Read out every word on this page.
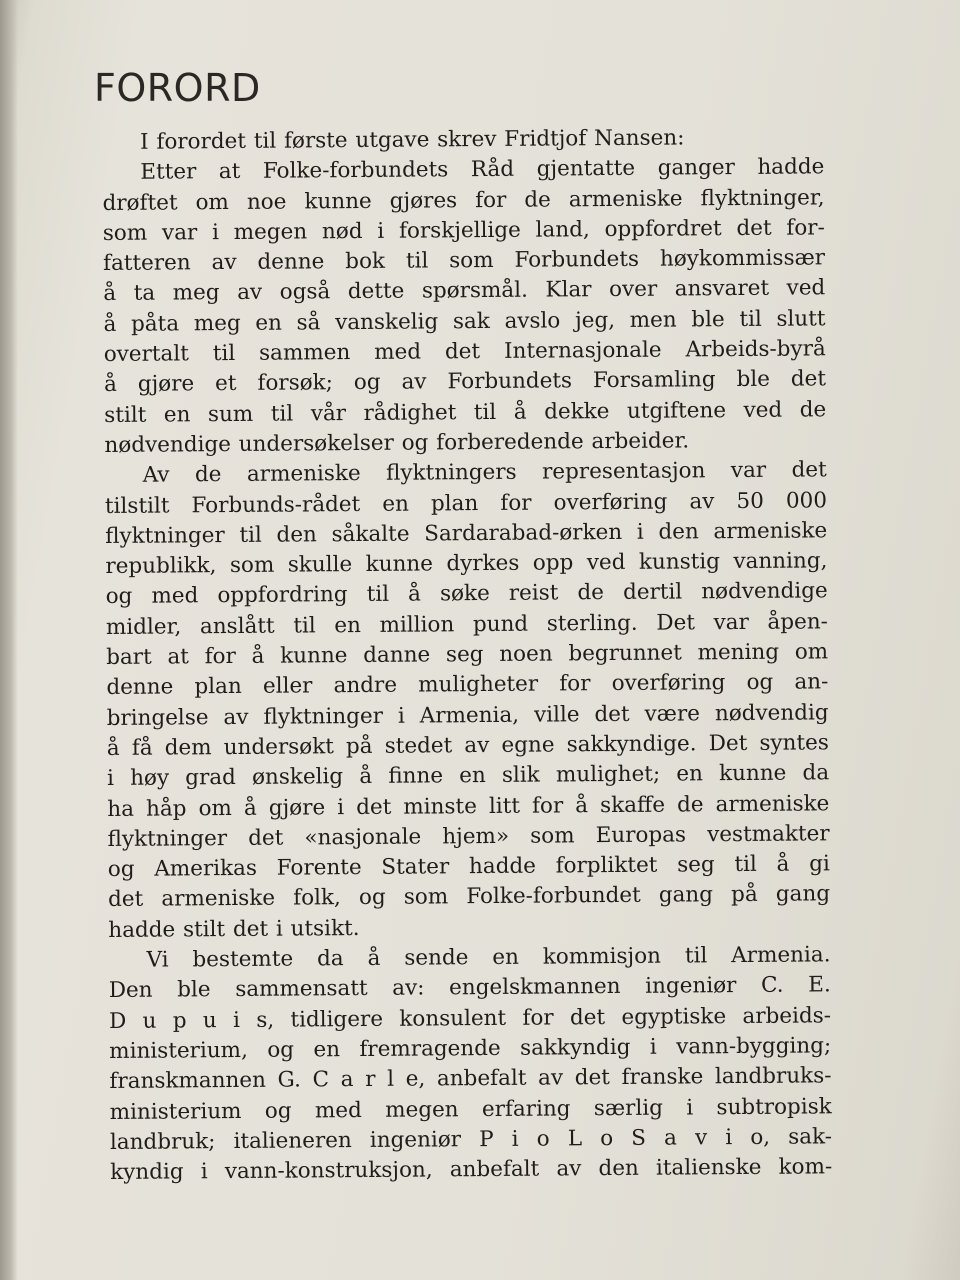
FORORD
I forordet til første utgave skrev Fridtjof Nansen:
Etter at Folke-forbundets Råd gjentatte ganger hadde
drøftet om noe kunne gjøres for de armeniske flyktninger,
som var i megen nød i forskjellige land, oppfordret det for-
fatteren av denne bok til som Forbundets høykommissær
å ta meg av også dette spørsmål. Klar over ansvaret ved
å påta meg en så vanskelig sak avslo jeg, men ble til slutt
overtalt til sammen med det Internasjonale Arbeids-byrå
å gjøre et forsøk; og av Forbundets Forsamling ble det
stilt en sum til vår rådighet til å dekke utgiftene ved de
nødvendige undersøkelser og forberedende arbeider.
Av de armeniske flyktningers representasjon var det
tilstilt Forbunds-rådet en plan for overføring av 50 000
flyktninger til den såkalte Sardarabad-ørken i den armeniske
republikk, som skulle kunne dyrkes opp ved kunstig vanning,
og med oppfordring til å søke reist de dertil nødvendige
midler, anslått til en million pund sterling. Det var åpen-
bart at for å kunne danne seg noen begrunnet mening om
denne plan eller andre muligheter for overføring og an-
bringelse av flyktninger i Armenia, ville det være nødvendig
å få dem undersøkt på stedet av egne sakkyndige. Det syntes
i høy grad ønskelig å finne en slik mulighet; en kunne da
ha håp om å gjøre i det minste litt for å skaffe de armeniske
flyktninger det «nasjonale hjem» som Europas vestmakter
og Amerikas Forente Stater hadde forpliktet seg til å gi
det armeniske folk, og som Folke-forbundet gang på gang
hadde stilt det i utsikt.
Vi bestemte da å sende en kommisjon til Armenia.
Den ble sammensatt av: engelskmannen ingeniør C. E.
D u p u i s, tidligere konsulent for det egyptiske arbeids-
ministerium, og en fremragende sakkyndig i vann-bygging;
franskmannen G. C a r l e, anbefalt av det franske landbruks-
ministerium og med megen erfaring særlig i subtropisk
landbruk; italieneren ingeniør P i o L o S a v i o, sak-
kyndig i vann-konstruksjon, anbefalt av den italienske kom-
